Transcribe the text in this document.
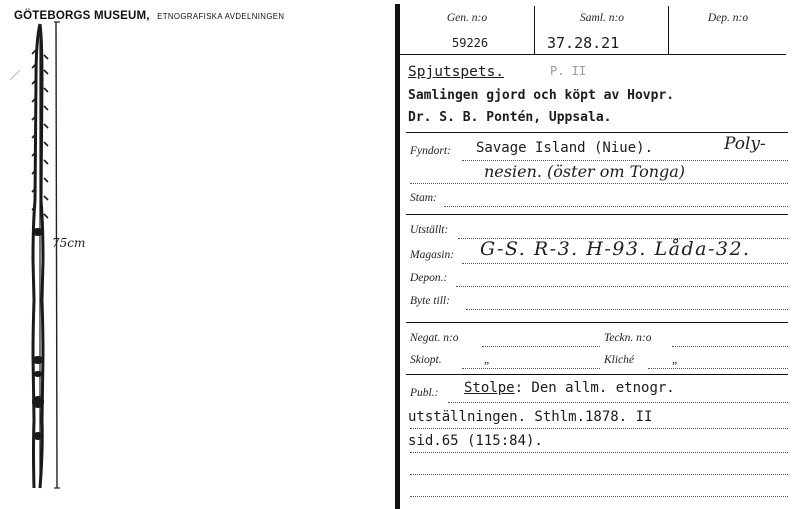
GÖTEBORGS MUSEUM, ETNOGRAFISKA AVDELNINGEN
75cm
Gen. n:o
59226
Saml. n:o
37.28.21
Dep. n:o
Spjutspets.	P. II
Samlingen gjord och köpt av Hovpr.
Dr. S. B. Pontén, Uppsala.
Fyndort: Savage Island (Niue).	Poly-
nesien. (öster om Tonga)
Stam:
Utställt:
Magasin: G-S. R-3. H-93. Låda-32.
Depon.:
Byte till:
Negat. n:o	Teckn. n:o
Skiopt.	„	Kliché	„
Publ.: Stolpe: Den allm. etnogr.
utställningen. Sthlm.1878. II
sid.65 (115:84).
